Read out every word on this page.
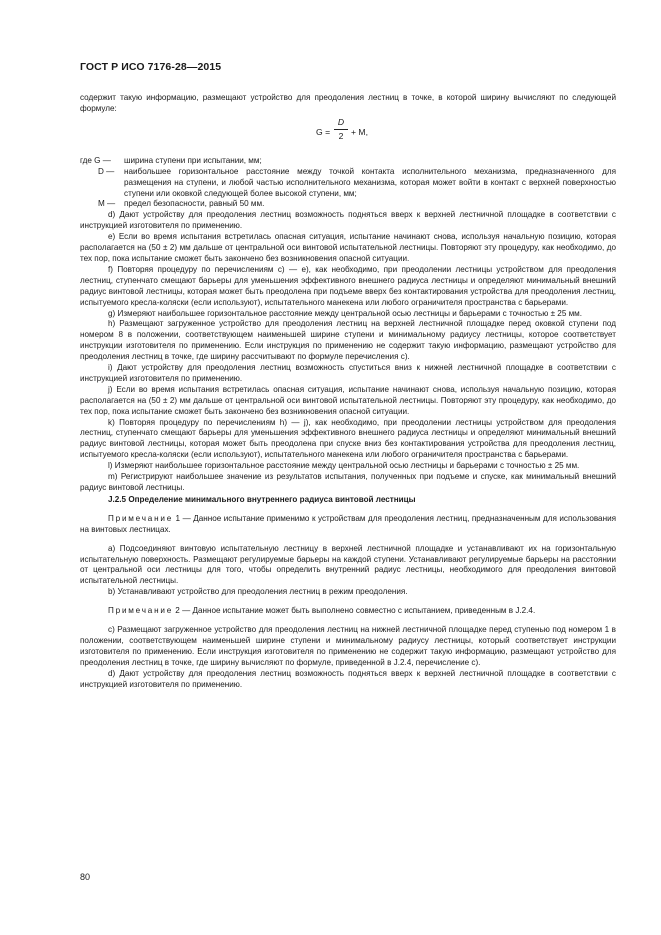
ГОСТ Р ИСО 7176-28—2015

содержит такую информацию, размещают устройство для преодоления лестниц в точке, в которой ширину вычисляют по следующей формуле:

G =
D
2 + M,

где G —	ширина ступени при испытании, мм;

D —	наибольшее горизонтальное расстояние между точкой контакта исполнительного механизма, предназначенного для размещения на ступени, и любой частью исполнительного механизма, которая может войти в контакт с верхней поверхностью ступени или оковкой следующей более высокой ступени, мм;

M —	предел безопасности, равный 50 мм.

d) Дают устройству для преодоления лестниц возможность подняться вверх к верхней лестничной площадке в соответствии с инструкцией изготовителя по применению.

e) Если во время испытания встретилась опасная ситуация, испытание начинают снова, используя начальную позицию, которая располагается на (50 ± 2) мм дальше от центральной оси винтовой испытательной лестницы. Повторяют эту процедуру, как необходимо, до тех пор, пока испытание сможет быть закончено без возникновения опасной ситуации.

f) Повторяя процедуру по перечислениям с) — е), как необходимо, при преодолении лестницы устройством для преодоления лестниц, ступенчато смещают барьеры для уменьшения эффективного внешнего радиуса лестницы и определяют минимальный внешний радиус винтовой лестницы, которая может быть преодолена при подъеме вверх без контактирования устройства для преодоления лестниц, испытуемого кресла-коляски (если используют), испытательного манекена или любого ограничителя пространства с барьерами.

g) Измеряют наибольшее горизонтальное расстояние между центральной осью лестницы и барьерами с точностью ± 25 мм.

h) Размещают загруженное устройство для преодоления лестниц на верхней лестничной площадке перед оковкой ступени под номером 8 в положении, соответствующем наименьшей ширине ступени и минимальному радиусу лестницы, которое соответствует инструкции изготовителя по применению. Если инструкция по применению не содержит такую информацию, размещают устройство для преодоления лестниц в точке, где ширину рассчитывают по формуле перечисления с).

i) Дают устройству для преодоления лестниц возможность спуститься вниз к нижней лестничной площадке в соответствии с инструкцией изготовителя по применению.

j) Если во время испытания встретилась опасная ситуация, испытание начинают снова, используя начальную позицию, которая располагается на (50 ± 2) мм дальше от центральной оси винтовой испытательной лестницы. Повторяют эту процедуру, как необходимо, до тех пор, пока испытание сможет быть закончено без возникновения опасной ситуации.

k) Повторяя процедуру по перечислениям h) — j), как необходимо, при преодолении лестницы устройством для преодоления лестниц, ступенчато смещают барьеры для уменьшения эффективного внешнего радиуса лестницы и определяют минимальный внешний радиус винтовой лестницы, которая может быть преодолена при спуске вниз без контактирования устройства для преодоления лестниц, испытуемого кресла-коляски (если используют), испытательного манекена или любого ограничителя пространства с барьерами.

l) Измеряют наибольшее горизонтальное расстояние между центральной осью лестницы и барьерами с точностью ± 25 мм.

m) Регистрируют наибольшее значение из результатов испытания, полученных при подъеме и спуске, как минимальный внешний радиус винтовой лестницы.

J.2.5 Определение минимального внутреннего радиуса винтовой лестницы

Примечание 1 — Данное испытание применимо к устройствам для преодоления лестниц, предназначенным для использования на винтовых лестницах.

a) Подсоединяют винтовую испытательную лестницу в верхней лестничной площадке и устанавливают их на горизонтальную испытательную поверхность. Размещают регулируемые барьеры на каждой ступени. Устанавливают регулируемые барьеры на расстоянии от центральной оси лестницы для того, чтобы определить внутренний радиус лестницы, необходимого для преодоления винтовой испытательной лестницы.

b) Устанавливают устройство для преодоления лестниц в режим преодоления.

Примечание 2 — Данное испытание может быть выполнено совместно с испытанием, приведенным в J.2.4.

c) Размещают загруженное устройство для преодоления лестниц на нижней лестничной площадке перед ступенью под номером 1 в положении, соответствующем наименьшей ширине ступени и минимальному радиусу лестницы, который соответствует инструкции изготовителя по применению. Если инструкция изготовителя по применению не содержит такую информацию, размещают устройство для преодоления лестниц в точке, где ширину вычисляют по формуле, приведенной в J.2.4, перечисление с).

d) Дают устройству для преодоления лестниц возможность подняться вверх к верхней лестничной площадке в соответствии с инструкцией изготовителя по применению.

80
